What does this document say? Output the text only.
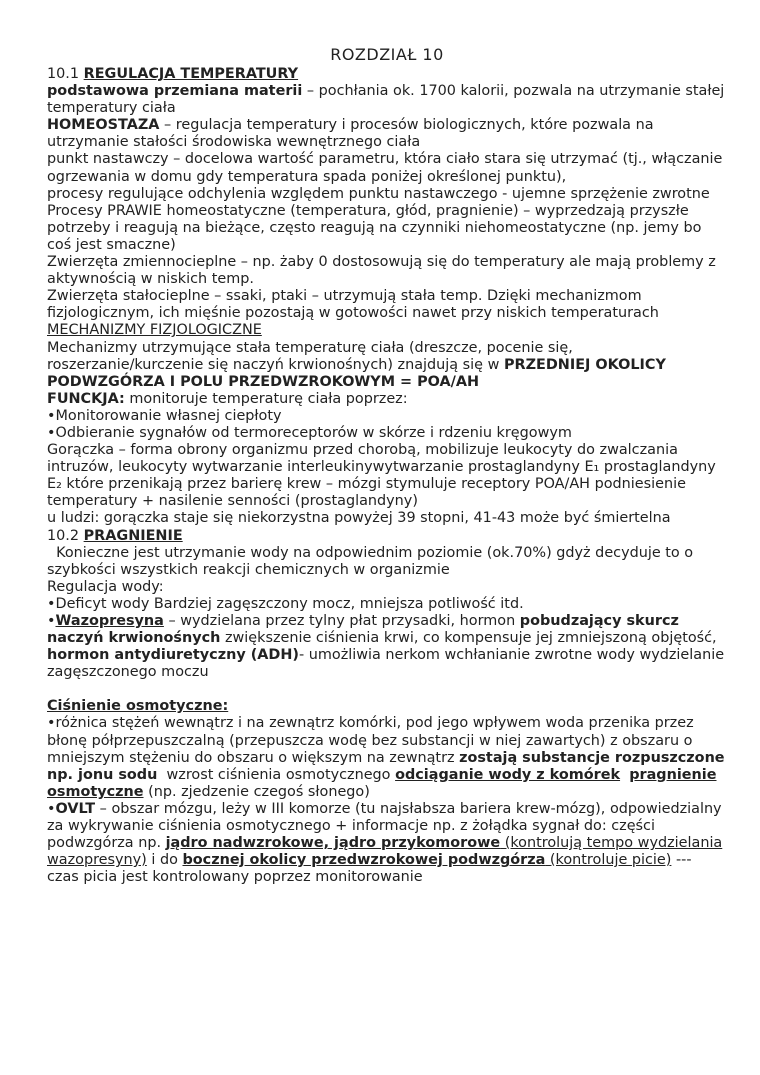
ROZDZIAŁ 10

10.1 REGULACJA TEMPERATURY

podstawowa przemiana materii – pochłania ok. 1700 kalorii, pozwala na utrzymanie stałej temperatury ciała

HOMEOSTAZA – regulacja temperatury i procesów biologicznych, które pozwala na utrzymanie stałości środowiska wewnętrznego ciała

punkt nastawczy – docelowa wartość parametru, która ciało stara się utrzymać (tj., włączanie ogrzewania w domu gdy temperatura spada poniżej określonej punktu),

procesy regulujące odchylenia względem punktu nastawczego - ujemne sprzężenie zwrotne

Procesy PRAWIE homeostatyczne (temperatura, głód, pragnienie) – wyprzedzają przyszłe potrzeby i reagują na bieżące, często reagują na czynniki niehomeostatyczne (np. jemy bo coś jest smaczne)

Zwierzęta zmiennocieplne – np. żaby 0 dostosowują się do temperatury ale mają problemy z aktywnością w niskich temp.

Zwierzęta stałocieplne – ssaki, ptaki – utrzymują stała temp. Dzięki mechanizmom fizjologicznym, ich mięśnie pozostają w gotowości nawet przy niskich temperaturach

MECHANIZMY FIZJOLOGICZNE

Mechanizmy utrzymujące stała temperaturę ciała (dreszcze, pocenie się, roszerzanie/kurczenie się naczyń krwionośnych) znajdują się w PRZEDNIEJ OKOLICY PODWZGÓRZA I POLU PRZEDWZROKOWYM = POA/AH

FUNCKJA: monitoruje temperaturę ciała poprzez:

•Monitorowanie własnej ciepłoty

•Odbieranie sygnałów od termoreceptorów w skórze i rdzeniu kręgowym

Gorączka – forma obrony organizmu przed chorobą, mobilizuje leukocyty do zwalczania intruzów, leukocyty wytwarzanie interleukinywytwarzanie prostaglandyny E₁ prostaglandyny E₂ które przenikają przez barierę krew – mózgi stymuluje receptory POA/AH podniesienie temperatury + nasilenie senności (prostaglandyny)

u ludzi: gorączka staje się niekorzystna powyżej 39 stopni, 41-43 może być śmiertelna

10.2 PRAGNIENIE

Konieczne jest utrzymanie wody na odpowiednim poziomie (ok.70%) gdyż decyduje to o szybkości wszystkich reakcji chemicznych w organizmie

Regulacja wody:

•Deficyt wody Bardziej zagęszczony mocz, mniejsza potliwość itd.

•Wazopresyna – wydzielana przez tylny płat przysadki, hormon pobudzający skurcz naczyń krwionośnych zwiększenie ciśnienia krwi, co kompensuje jej zmniejszoną objętość, hormon antydiuretyczny (ADH)- umożliwia nerkom wchłanianie zwrotne wody wydzielanie zagęszczonego moczu

Ciśnienie osmotyczne:

•różnica stężeń wewnątrz i na zewnątrz komórki, pod jego wpływem woda przenika przez błonę półprzepuszczalną (przepuszcza wodę bez substancji w niej zawartych) z obszaru o mniejszym stężeniu do obszaru o większym na zewnątrz zostają substancje rozpuszczone np. jonu sodu  wzrost ciśnienia osmotycznego odciąganie wody z komórek pragnienie osmotyczne (np. zjedzenie czegoś słonego)

•OVLT – obszar mózgu, leży w III komorze (tu najsłabsza bariera krew-mózg), odpowiedzialny za wykrywanie ciśnienia osmotycznego + informacje np. z żołądka sygnał do: części podwzgórza np. jądro nadwzrokowe, jądro przykomorowe (kontrolują tempo wydzielania wazopresyny) i do bocznej okolicy przedwzrokowej podwzgórza (kontroluje picie) --- czas picia jest kontrolowany poprzez monitorowanie
